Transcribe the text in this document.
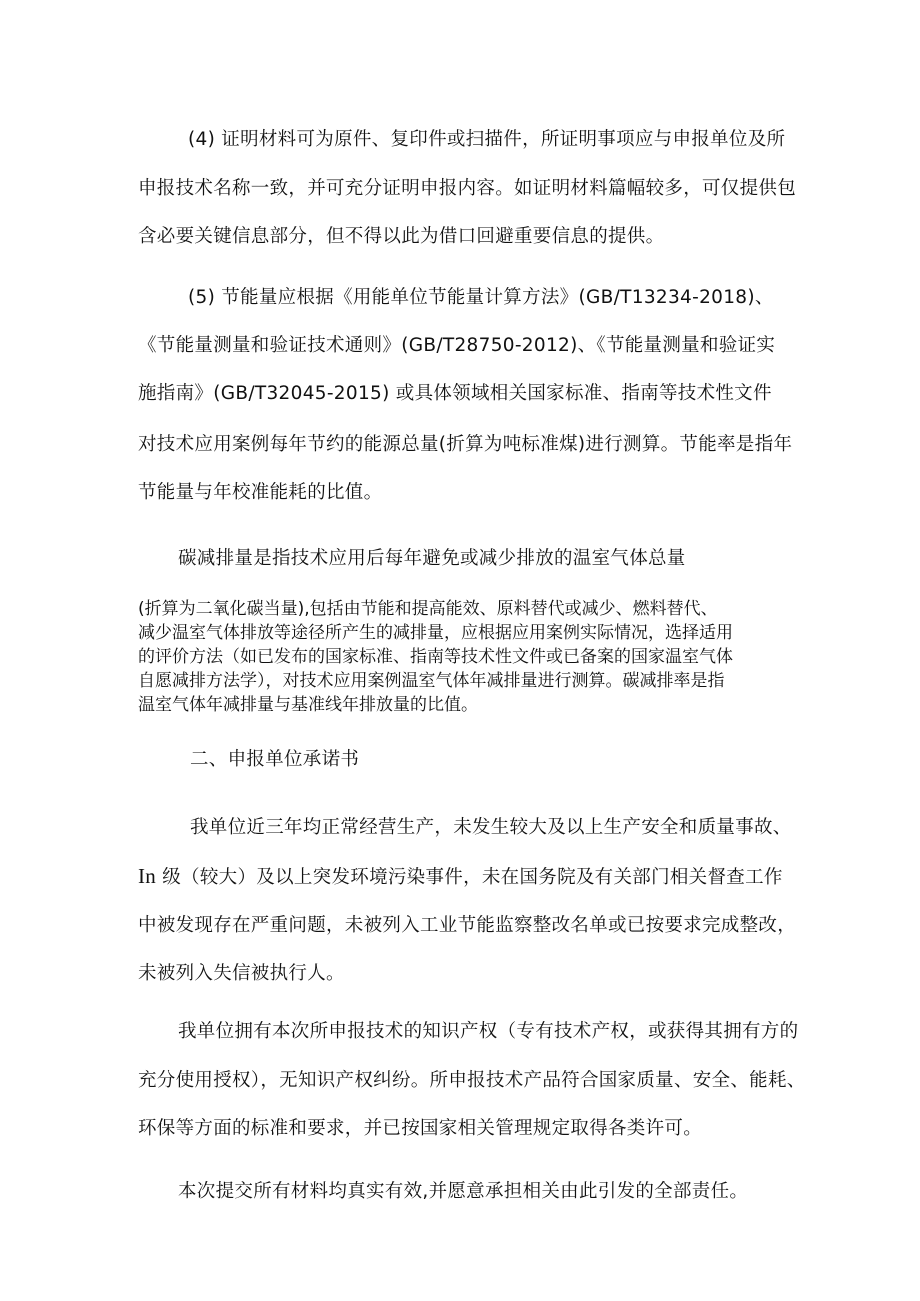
(4) 证明材料可为原件、复印件或扫描件，所证明事项应与申报单位及所
申报技术名称一致，并可充分证明申报内容。如证明材料篇幅较多，可仅提供包
含必要关键信息部分，但不得以此为借口回避重要信息的提供。
(5) 节能量应根据《用能单位节能量计算方法》(GB/T13234-2018)、
《节能量测量和验证技术通则》(GB/T28750-2012)、《节能量测量和验证实
施指南》(GB/T32045-2015) 或具体领域相关国家标准、指南等技术性文件
对技术应用案例每年节约的能源总量(折算为吨标准煤)进行测算。节能率是指年
节能量与年校准能耗的比值。
碳减排量是指技术应用后每年避免或减少排放的温室气体总量
(折算为二氧化碳当量),包括由节能和提高能效、原料替代或减少、燃料替代、
减少温室气体排放等途径所产生的减排量，应根据应用案例实际情况，选择适用
的评价方法（如已发布的国家标准、指南等技术性文件或已备案的国家温室气体
自愿减排方法学），对技术应用案例温室气体年减排量进行测算。碳减排率是指
温室气体年减排量与基准线年排放量的比值。
二、申报单位承诺书
我单位近三年均正常经营生产，未发生较大及以上生产安全和质量事故、
In 级（较大）及以上突发环境污染事件，未在国务院及有关部门相关督查工作
中被发现存在严重问题，未被列入工业节能监察整改名单或已按要求完成整改，
未被列入失信被执行人。
我单位拥有本次所申报技术的知识产权（专有技术产权，或获得其拥有方的
充分使用授权），无知识产权纠纷。所申报技术产品符合国家质量、安全、能耗、
环保等方面的标准和要求，并已按国家相关管理规定取得各类许可。
本次提交所有材料均真实有效,并愿意承担相关由此引发的全部责任。
